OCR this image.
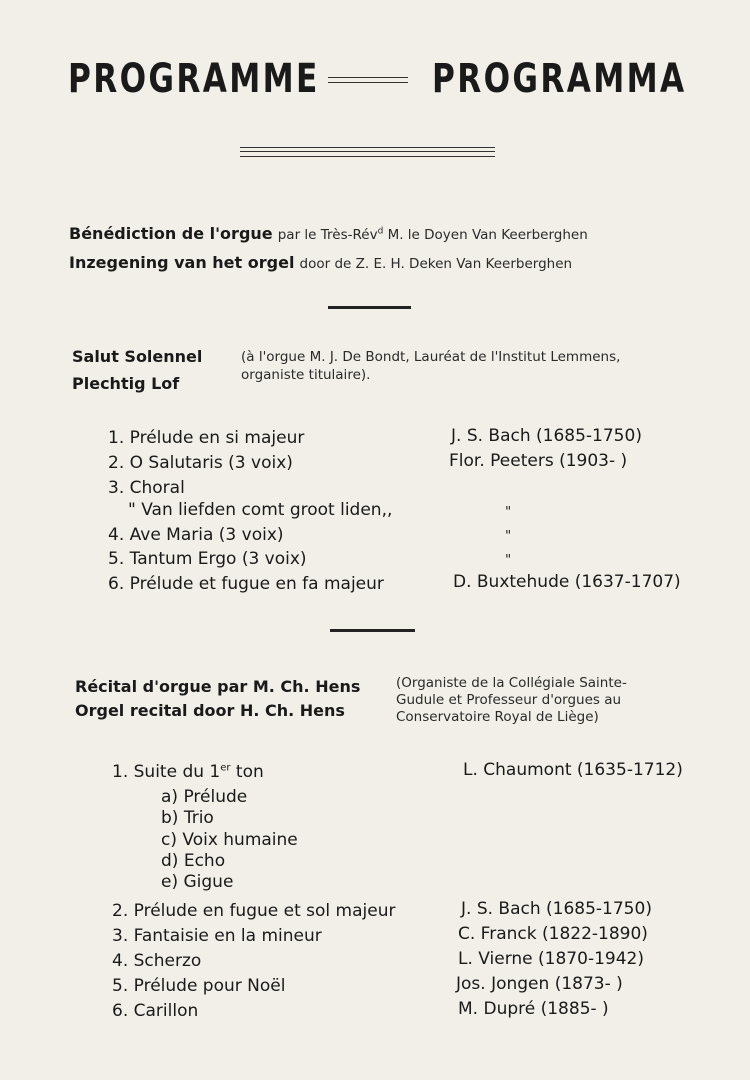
PROGRAMME	PROGRAMMA
Bénédiction de l'orgue par le Très-Rév$^d$ M. le Doyen Van Keerberghen
Inzegening van het orgel door de Z. E. H. Deken Van Keerberghen
Salut Solennel
Plechtig Lof
(à l'orgue M. J. De Bondt, Lauréat de l'Institut Lemmens,
organiste titulaire).
1. Prélude en si majeur	J. S. Bach (1685-1750)
2. O Salutaris (3 voix)	Flor. Peeters (1903- )
3. Choral
" Van liefden comt groot liden,,	"
4. Ave Maria (3 voix)	"
5. Tantum Ergo (3 voix)	"
6. Prélude et fugue en fa majeur	D. Buxtehude (1637-1707)
Récital d'orgue par M. Ch. Hens
Orgel recital door H. Ch. Hens
(Organiste de la Collégiale Sainte-
Gudule et Professeur d'orgues au
Conservatoire Royal de Liège)
1. Suite du 1er ton	L. Chaumont (1635-1712)
a) Prélude
b) Trio
c) Voix humaine
d) Echo
e) Gigue
2. Prélude en fugue et sol majeur	J. S. Bach (1685-1750)
3. Fantaisie en la mineur	C. Franck (1822-1890)
4. Scherzo	L. Vierne (1870-1942)
5. Prélude pour Noël	Jos. Jongen (1873- )
6. Carillon	M. Dupré (1885- )
